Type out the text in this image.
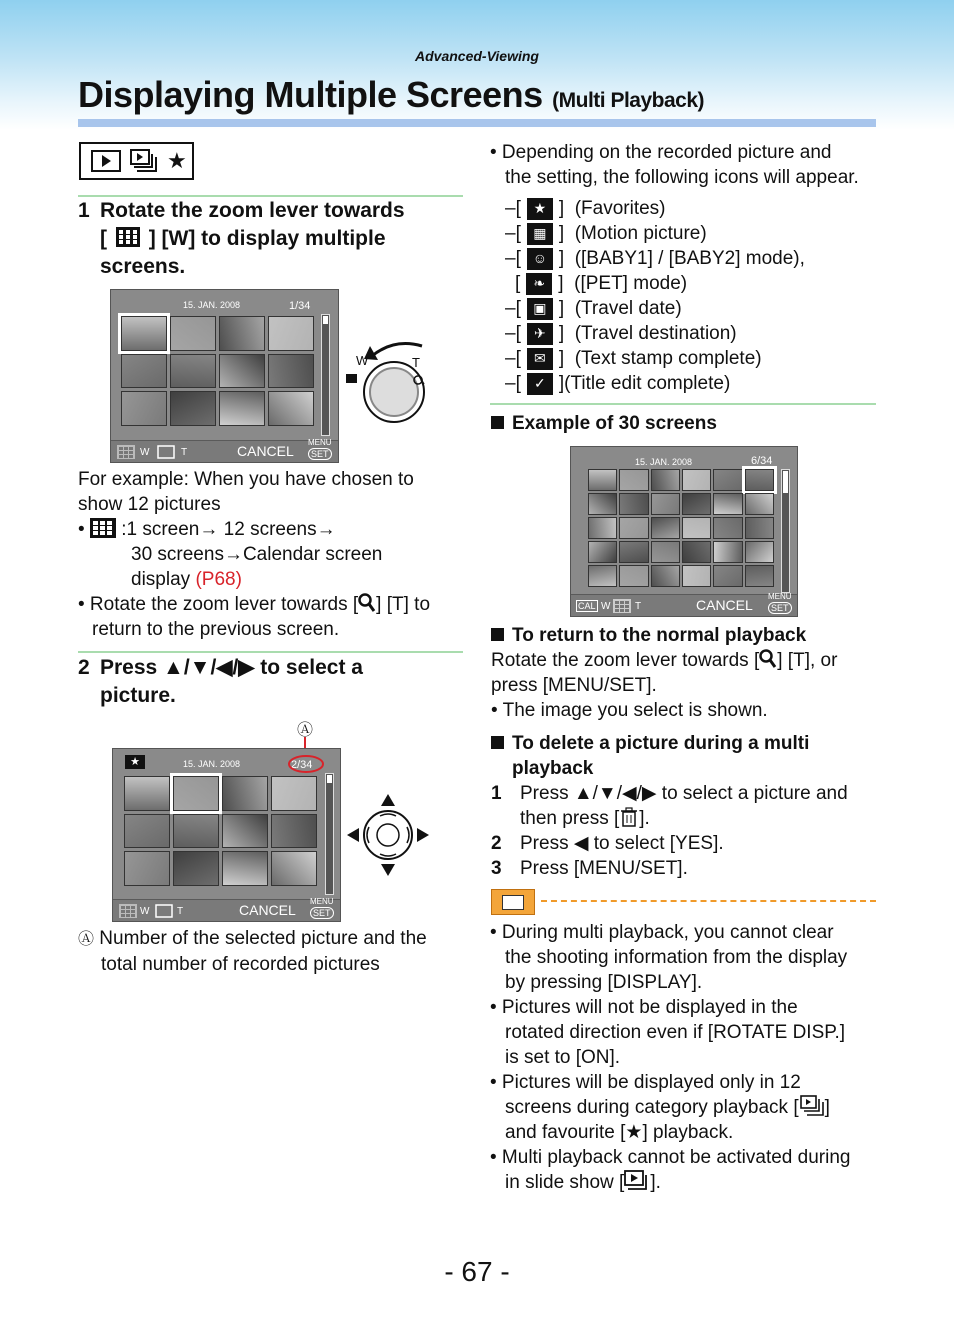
Advanced-Viewing
Displaying Multiple Screens (Multi Playback)
★
1 Rotate the zoom lever towards
[ ] [W] to display multiple
screens.
15. JAN. 2008	1/34
W	T	CANCEL
MENU
SET
W	T
For example: When you have chosen to
show 12 pictures
•  :1 screen→ 12 screens→
30 screens→Calendar screen
display (P68)
• Rotate the zoom lever towards [ ] [T] to
return to the previous screen.
2 Press ▲/▼/◀/▶ to select a
picture.
Ⓐ
★	15. JAN. 2008	2/34
W	T	CANCEL
MENU
SET
Ⓐ Number of the selected picture and the
total number of recorded pictures
• Depending on the recorded picture and
the setting, the following icons will appear.
–[ ★ ] (Favorites)
–[ ▦ ] (Motion picture)
–[ ☺ ] ([BABY1] / [BABY2] mode),
[ ❧ ] ([PET] mode)
–[ ▣ ] (Travel date)
–[ ✈ ] (Travel destination)
–[ ✉ ] (Text stamp complete)
–[ ✓ ] (Title edit complete)
Example of 30 screens
15. JAN. 2008	6/34
CAL W T	CANCEL
MENU
SET
To return to the normal playback
Rotate the zoom lever towards [ ] [T], or
press [MENU/SET].
• The image you select is shown.
To delete a picture during a multi
playback
1 Press ▲/▼/◀/▶ to select a picture and
then press [ ].
2 Press ◀ to select [YES].
3 Press [MENU/SET].
• During multi playback, you cannot clear
the shooting information from the display
by pressing [DISPLAY].
• Pictures will not be displayed in the
rotated direction even if [ROTATE DISP.]
is set to [ON].
• Pictures will be displayed only in 12
screens during category playback [ ]
and favourite [★] playback.
• Multi playback cannot be activated during
in slide show [ ].
- 67 -
